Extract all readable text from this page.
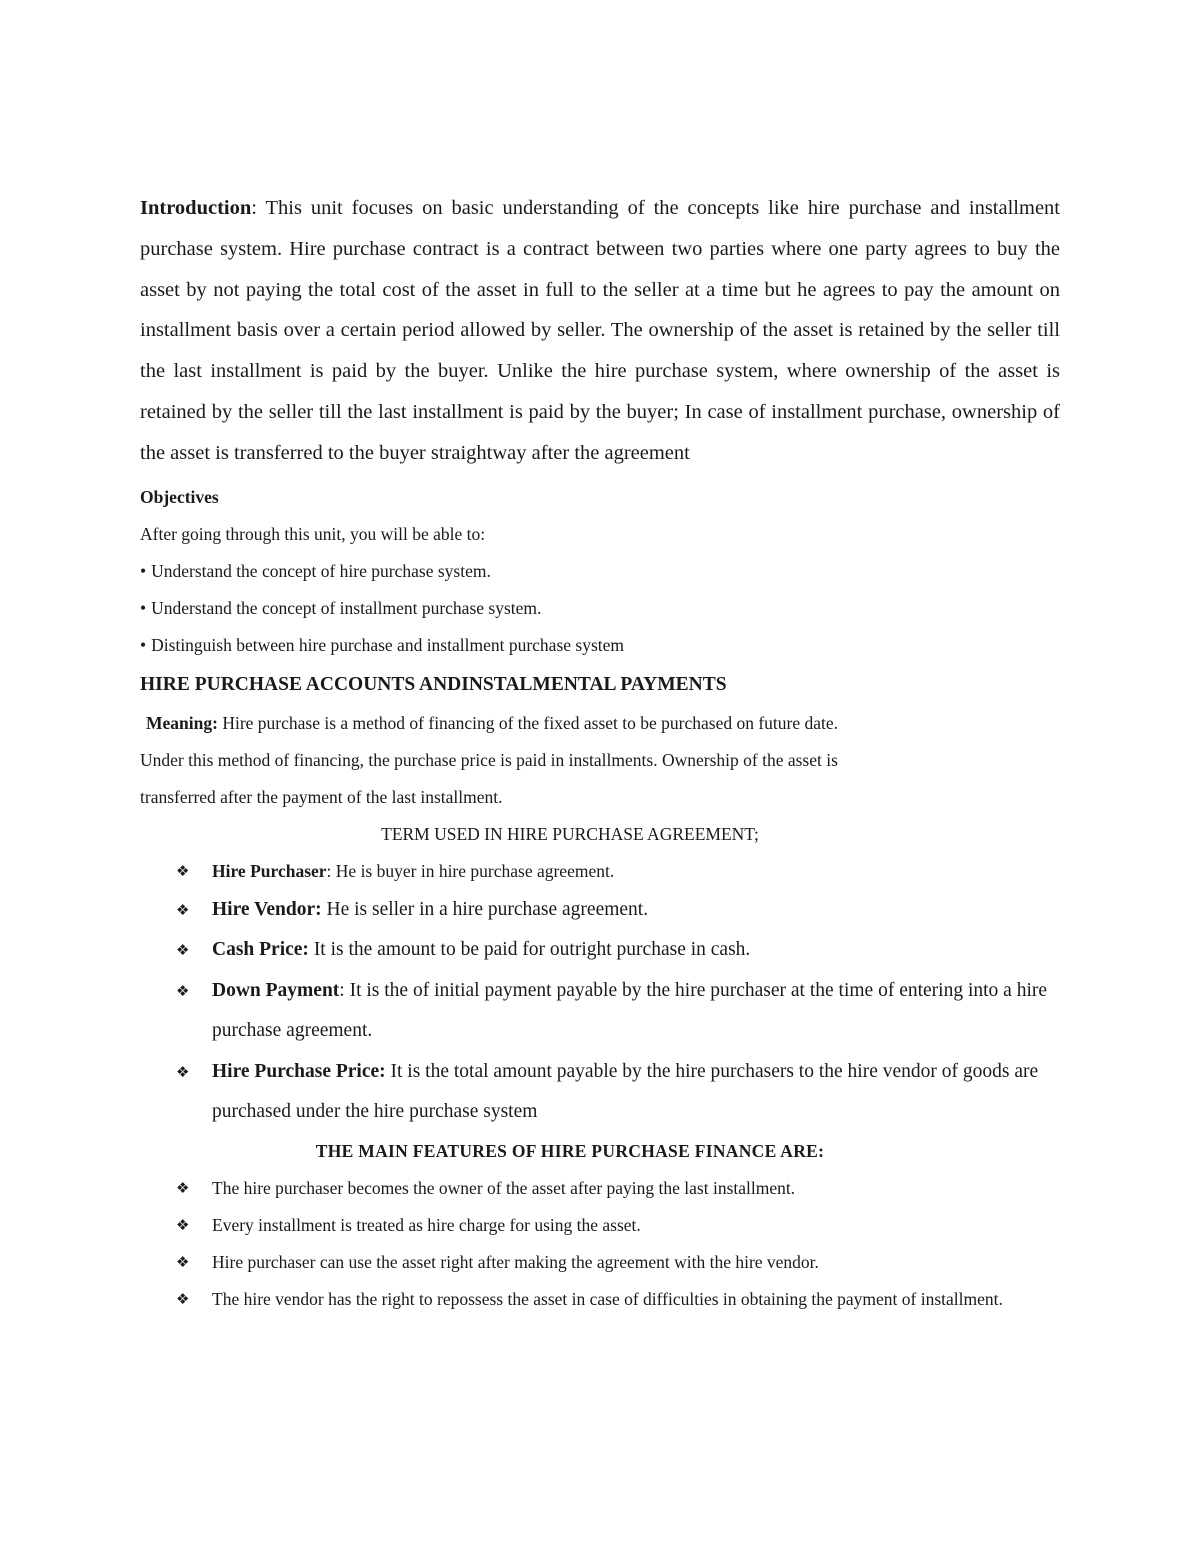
Introduction: This unit focuses on basic understanding of the concepts like hire purchase and installment purchase system. Hire purchase contract is a contract between two parties where one party agrees to buy the asset by not paying the total cost of the asset in full to the seller at a time but he agrees to pay the amount on installment basis over a certain period allowed by seller. The ownership of the asset is retained by the seller till the last installment is paid by the buyer. Unlike the hire purchase system, where ownership of the asset is retained by the seller till the last installment is paid by the buyer; In case of installment purchase, ownership of the asset is transferred to the buyer straightway after the agreement

Objectives

After going through this unit, you will be able to:

• Understand the concept of hire purchase system.
• Understand the concept of installment purchase system.
• Distinguish between hire purchase and installment purchase system

HIRE PURCHASE ACCOUNTS ANDINSTALMENTAL PAYMENTS

Meaning: Hire purchase is a method of financing of the fixed asset to be purchased on future date.

Under this method of financing, the purchase price is paid in installments. Ownership of the asset is

transferred after the payment of the last installment.

TERM USED IN HIRE PURCHASE AGREEMENT;

❖ Hire Purchaser: He is buyer in hire purchase agreement.
❖ Hire Vendor: He is seller in a hire purchase agreement.
❖ Cash Price: It is the amount to be paid for outright purchase in cash.
❖ Down Payment: It is the of initial payment payable by the hire purchaser at the time of entering into a hire purchase agreement.
❖ Hire Purchase Price: It is the total amount payable by the hire purchasers to the hire vendor of goods are purchased under the hire purchase system

THE MAIN FEATURES OF HIRE PURCHASE FINANCE ARE:

❖ The hire purchaser becomes the owner of the asset after paying the last installment.
❖ Every installment is treated as hire charge for using the asset.
❖ Hire purchaser can use the asset right after making the agreement with the hire vendor.
❖ The hire vendor has the right to repossess the asset in case of difficulties in obtaining the payment of installment.
